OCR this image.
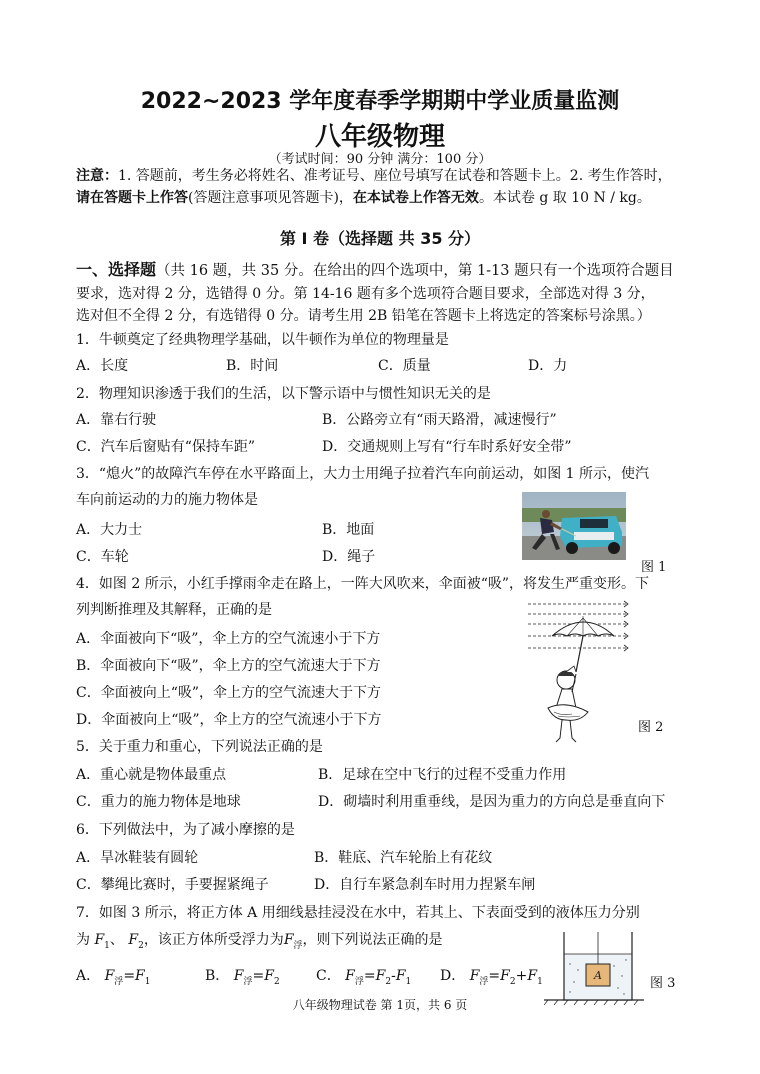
2022~2023 学年度春季学期期中学业质量监测
八年级物理
（考试时间：90 分钟 满分：100 分）
注意：1. 答题前，考生务必将姓名、准考证号、座位号填写在试卷和答题卡上。2. 考生作答时，
请在答题卡上作答(答题注意事项见答题卡)，在本试卷上作答无效。本试卷 g 取 10 N / kg。
第 I 卷（选择题 共 35 分）
一、选择题（共 16 题，共 35 分。在给出的四个选项中，第 1-13 题只有一个选项符合题目
要求，选对得 2 分，选错得 0 分。第 14-16 题有多个选项符合题目要求，全部选对得 3 分，
选对但不全得 2 分，有选错得 0 分。请考生用 2B 铅笔在答题卡上将选定的答案标号涂黑。）
1．牛顿奠定了经典物理学基础，以牛顿作为单位的物理量是
A．长度	B．时间	C．质量	D．力
2．物理知识渗透于我们的生活，以下警示语中与惯性知识无关的是
A．靠右行驶	B．公路旁立有“雨天路滑，减速慢行”
C．汽车后窗贴有“保持车距”	D．交通规则上写有“行车时系好安全带”
3．“熄火”的故障汽车停在水平路面上，大力士用绳子拉着汽车向前运动，如图 1 所示，使汽
车向前运动的力的施力物体是
A．大力士	B．地面
C．车轮	D．绳子
图 1
4．如图 2 所示，小红手撑雨伞走在路上，一阵大风吹来，伞面被“吸”，将发生严重变形。下
列判断推理及其解释，正确的是
A．伞面被向下“吸”，伞上方的空气流速小于下方
B．伞面被向下“吸”，伞上方的空气流速大于下方
C．伞面被向上“吸”，伞上方的空气流速大于下方
D．伞面被向上“吸”，伞上方的空气流速小于下方	图 2
5．关于重力和重心，下列说法正确的是
A．重心就是物体最重点	B．足球在空中飞行的过程不受重力作用
C．重力的施力物体是地球	D．砌墙时利用重垂线，是因为重力的方向总是垂直向下
6．下列做法中，为了减小摩擦的是
A．旱冰鞋装有圆轮	B．鞋底、汽车轮胎上有花纹
C．攀绳比赛时，手要握紧绳子	D．自行车紧急刹车时用力捏紧车闸
7．如图 3 所示，将正方体 A 用细线悬挂浸没在水中，若其上、下表面受到的液体压力分别
为 $F_1$、 $F_2$，该正方体所受浮力为$F_浮$，则下列说法正确的是
A． $F_浮=F_1$	B． $F_浮=F_2$	C． $F_浮=F_2-F_1$ D． $F_浮=F_2+F_1$	A
图 3
八年级物理试卷 第 1页，共 6 页
